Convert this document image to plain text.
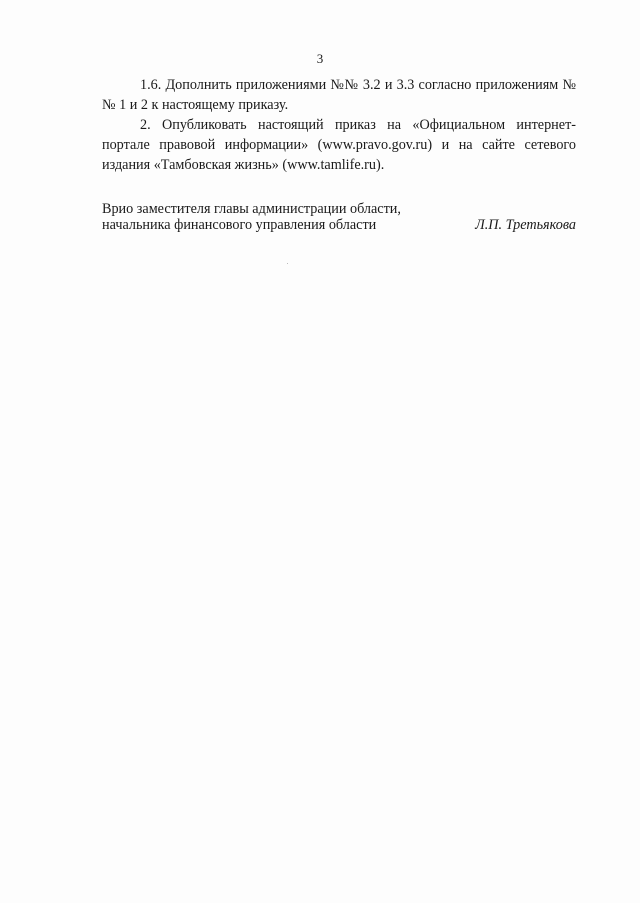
3

1.6. Дополнить приложениями №№ 3.2 и 3.3 согласно приложениям №№ 1 и 2 к настоящему приказу.

2. Опубликовать настоящий приказ на «Официальном интернет-портале правовой информации» (www.pravo.gov.ru) и на сайте сетевого издания «Тамбовская жизнь» (www.tamlife.ru).

Врио заместителя главы администрации области,
начальника финансового управления области	Л.П. Третьякова
